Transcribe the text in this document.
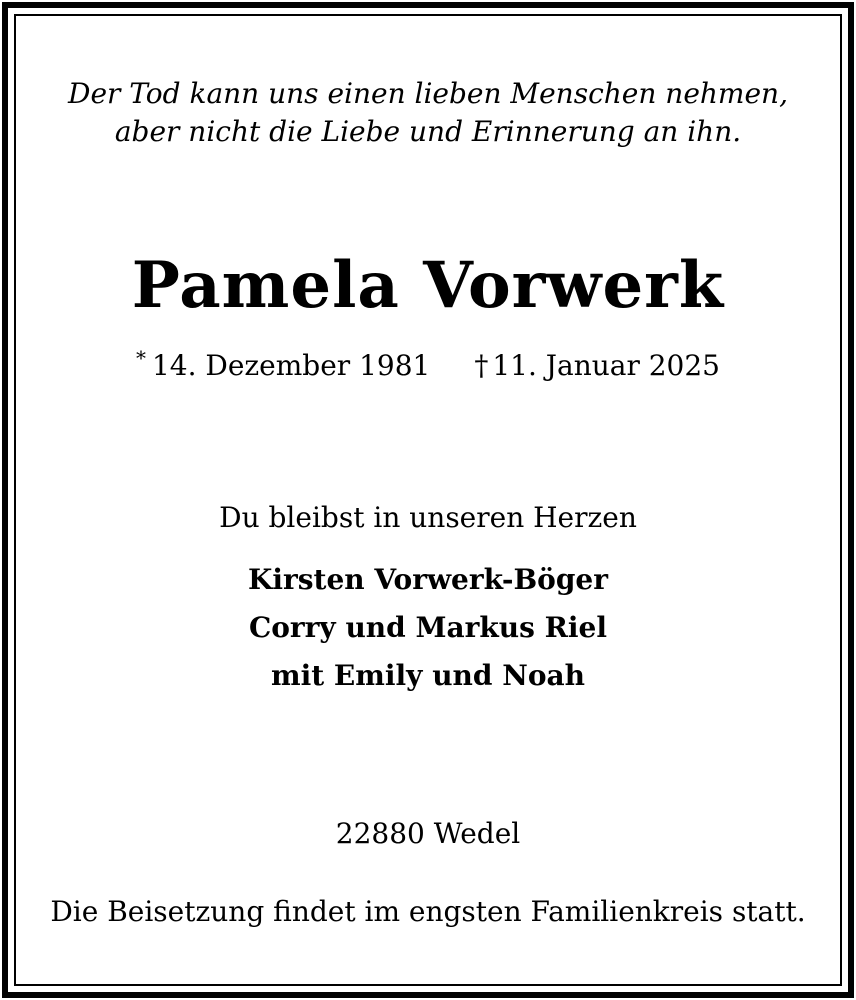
Der Tod kann uns einen lieben Menschen nehmen,
aber nicht die Liebe und Erinnerung an ihn.
Pamela Vorwerk
* 14. Dezember 1981 † 11. Januar 2025
Du bleibst in unseren Herzen
Kirsten Vorwerk-Böger
Corry und Markus Riel
mit Emily und Noah
22880 Wedel
Die Beisetzung findet im engsten Familienkreis statt.
